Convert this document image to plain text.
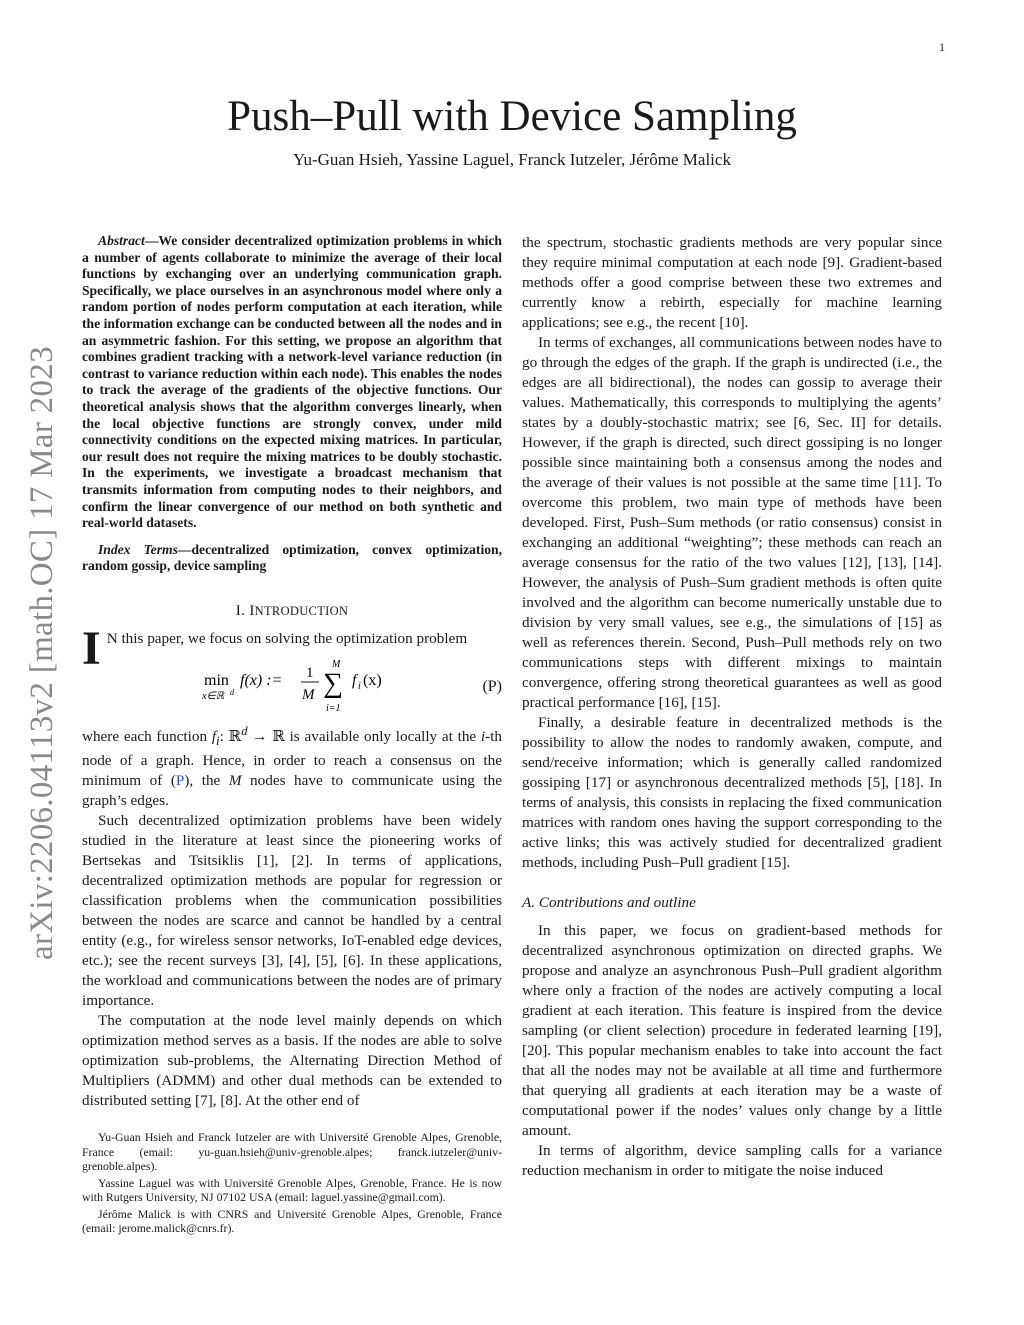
1
arXiv:2206.04113v2 [math.OC] 17 Mar 2023
Push–Pull with Device Sampling
Yu-Guan Hsieh, Yassine Laguel, Franck Iutzeler, Jérôme Malick

Abstract—We consider decentralized optimization problems in which a number of agents collaborate to minimize the average of their local functions by exchanging over an underlying communication graph. Specifically, we place ourselves in an asynchronous model where only a random portion of nodes perform computation at each iteration, while the information exchange can be conducted between all the nodes and in an asymmetric fashion. For this setting, we propose an algorithm that combines gradient tracking with a network-level variance reduction (in contrast to variance reduction within each node). This enables the nodes to track the average of the gradients of the objective functions. Our theoretical analysis shows that the algorithm converges linearly, when the local objective functions are strongly convex, under mild connectivity conditions on the expected mixing matrices. In particular, our result does not require the mixing matrices to be doubly stochastic. In the experiments, we investigate a broadcast mechanism that transmits information from computing nodes to their neighbors, and confirm the linear convergence of our method on both synthetic and real-world datasets.

Index Terms—decentralized optimization, convex optimization, random gossip, device sampling

I. INTRODUCTION

I N this paper, we focus on solving the optimization problem

min
x∈ℝ d
f(x) := 1
M
M
∑
i=1
f i (x)	(P)

where each function $f_i$: ℝ$^d$ → ℝ is available only locally at the i-th node of a graph. Hence, in order to reach a consensus on the minimum of (P), the M nodes have to communicate using the graph’s edges.

Such decentralized optimization problems have been widely studied in the literature at least since the pioneering works of Bertsekas and Tsitsiklis [1], [2]. In terms of applications, decentralized optimization methods are popular for regression or classification problems when the communication possibilities between the nodes are scarce and cannot be handled by a central entity (e.g., for wireless sensor networks, IoT-enabled edge devices, etc.); see the recent surveys [3], [4], [5], [6]. In these applications, the workload and communications between the nodes are of primary importance.

The computation at the node level mainly depends on which optimization method serves as a basis. If the nodes are able to solve optimization sub-problems, the Alternating Direction Method of Multipliers (ADMM) and other dual methods can be extended to distributed setting [7], [8]. At the other end of

Yu-Guan Hsieh and Franck Iutzeler are with Université Grenoble Alpes, Grenoble, France (email: yu-guan.hsieh@univ-grenoble.alpes; franck.iutzeler@univ-grenoble.alpes).

Yassine Laguel was with Université Grenoble Alpes, Grenoble, France. He is now with Rutgers University, NJ 07102 USA (email: laguel.yassine@gmail.com).

Jérôme Malick is with CNRS and Université Grenoble Alpes, Grenoble, France (email: jerome.malick@cnrs.fr).

the spectrum, stochastic gradients methods are very popular since they require minimal computation at each node [9]. Gradient-based methods offer a good comprise between these two extremes and currently know a rebirth, especially for machine learning applications; see e.g., the recent [10].

In terms of exchanges, all communications between nodes have to go through the edges of the graph. If the graph is undirected (i.e., the edges are all bidirectional), the nodes can gossip to average their values. Mathematically, this corresponds to multiplying the agents’ states by a doubly-stochastic matrix; see [6, Sec. II] for details. However, if the graph is directed, such direct gossiping is no longer possible since maintaining both a consensus among the nodes and the average of their values is not possible at the same time [11]. To overcome this problem, two main type of methods have been developed. First, Push–Sum methods (or ratio consensus) consist in exchanging an additional “weighting”; these methods can reach an average consensus for the ratio of the two values [12], [13], [14]. However, the analysis of Push–Sum gradient methods is often quite involved and the algorithm can become numerically unstable due to division by very small values, see e.g., the simulations of [15] as well as references therein. Second, Push–Pull methods rely on two communications steps with different mixings to maintain convergence, offering strong theoretical guarantees as well as good practical performance [16], [15].

Finally, a desirable feature in decentralized methods is the possibility to allow the nodes to randomly awaken, compute, and send/receive information; which is generally called randomized gossiping [17] or asynchronous decentralized methods [5], [18]. In terms of analysis, this consists in replacing the fixed communication matrices with random ones having the support corresponding to the active links; this was actively studied for decentralized gradient methods, including Push–Pull gradient [15].

A. Contributions and outline

In this paper, we focus on gradient-based methods for decentralized asynchronous optimization on directed graphs. We propose and analyze an asynchronous Push–Pull gradient algorithm where only a fraction of the nodes are actively computing a local gradient at each iteration. This feature is inspired from the device sampling (or client selection) procedure in federated learning [19], [20]. This popular mechanism enables to take into account the fact that all the nodes may not be available at all time and furthermore that querying all gradients at each iteration may be a waste of computational power if the nodes’ values only change by a little amount.

In terms of algorithm, device sampling calls for a variance reduction mechanism in order to mitigate the noise induced
